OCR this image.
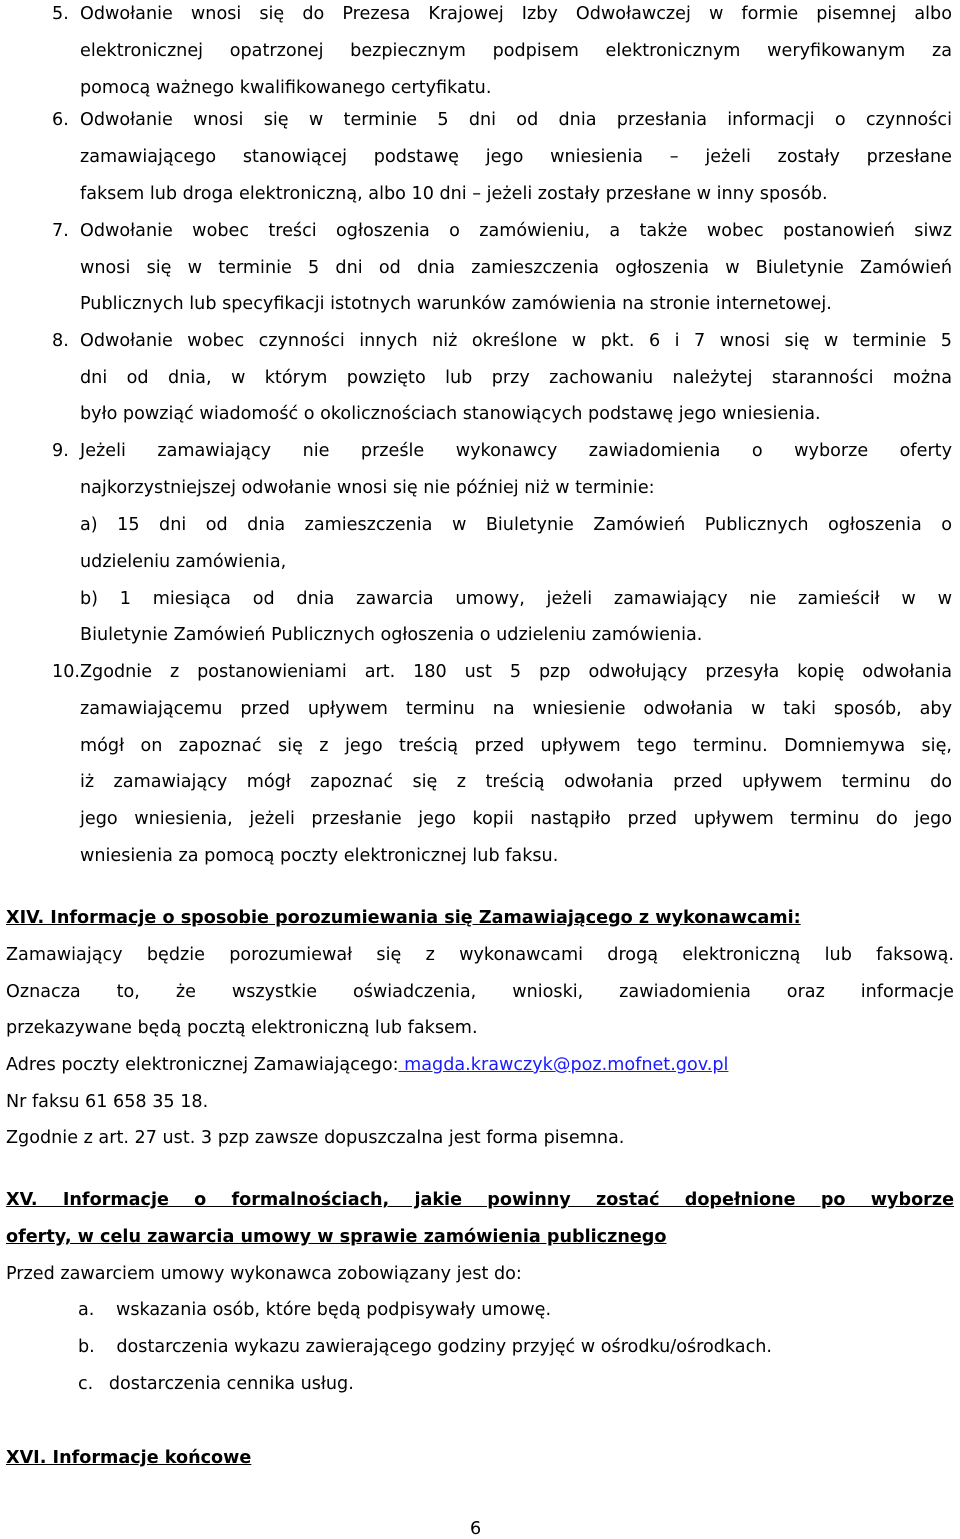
5. Odwołanie wnosi się do Prezesa Krajowej Izby Odwoławczej w formie pisemnej albo
elektronicznej opatrzonej bezpiecznym podpisem elektronicznym weryfikowanym za
pomocą ważnego kwalifikowanego certyfikatu.
6. Odwołanie wnosi się w terminie 5 dni od dnia przesłania informacji o czynności
zamawiającego stanowiącej podstawę jego wniesienia – jeżeli zostały przesłane
faksem lub droga elektroniczną, albo 10 dni – jeżeli zostały przesłane w inny sposób.
7. Odwołanie wobec treści ogłoszenia o zamówieniu, a także wobec postanowień siwz
wnosi się w terminie 5 dni od dnia zamieszczenia ogłoszenia w Biuletynie Zamówień
Publicznych lub specyfikacji istotnych warunków zamówienia na stronie internetowej.
8. Odwołanie wobec czynności innych niż określone w pkt. 6 i 7 wnosi się w terminie 5
dni od dnia, w którym powzięto lub przy zachowaniu należytej staranności można
było powziąć wiadomość o okolicznościach stanowiących podstawę jego wniesienia.
9. Jeżeli zamawiający nie prześle wykonawcy zawiadomienia o wyborze oferty
najkorzystniejszej odwołanie wnosi się nie później niż w terminie:
a) 15 dni od dnia zamieszczenia w Biuletynie Zamówień Publicznych ogłoszenia o
udzieleniu zamówienia,
b) 1 miesiąca od dnia zawarcia umowy, jeżeli zamawiający nie zamieścił w w
Biuletynie Zamówień Publicznych ogłoszenia o udzieleniu zamówienia.
10. Zgodnie z postanowieniami art. 180 ust 5 pzp odwołujący przesyła kopię odwołania
zamawiającemu przed upływem terminu na wniesienie odwołania w taki sposób, aby
mógł on zapoznać się z jego treścią przed upływem tego terminu. Domniemywa się,
iż zamawiający mógł zapoznać się z treścią odwołania przed upływem terminu do
jego wniesienia, jeżeli przesłanie jego kopii nastąpiło przed upływem terminu do jego
wniesienia za pomocą poczty elektronicznej lub faksu.
XIV. Informacje o sposobie porozumiewania się Zamawiającego z wykonawcami:
Zamawiający będzie porozumiewał się z wykonawcami drogą elektroniczną lub faksową.
Oznacza to, że wszystkie oświadczenia, wnioski, zawiadomienia oraz informacje
przekazywane będą pocztą elektroniczną lub faksem.
Adres poczty elektronicznej Zamawiającego: magda.krawczyk@poz.mofnet.gov.pl
Nr faksu 61 658 35 18.
Zgodnie z art. 27 ust. 3 pzp zawsze dopuszczalna jest forma pisemna.
XV. Informacje o formalnościach, jakie powinny zostać dopełnione po wyborze
oferty, w celu zawarcia umowy w sprawie zamówienia publicznego
Przed zawarciem umowy wykonawca zobowiązany jest do:
a. wskazania osób, które będą podpisywały umowę.
b. dostarczenia wykazu zawierającego godziny przyjęć w ośrodku/ośrodkach.
c. dostarczenia cennika usług.
XVI. Informacje końcowe
6
